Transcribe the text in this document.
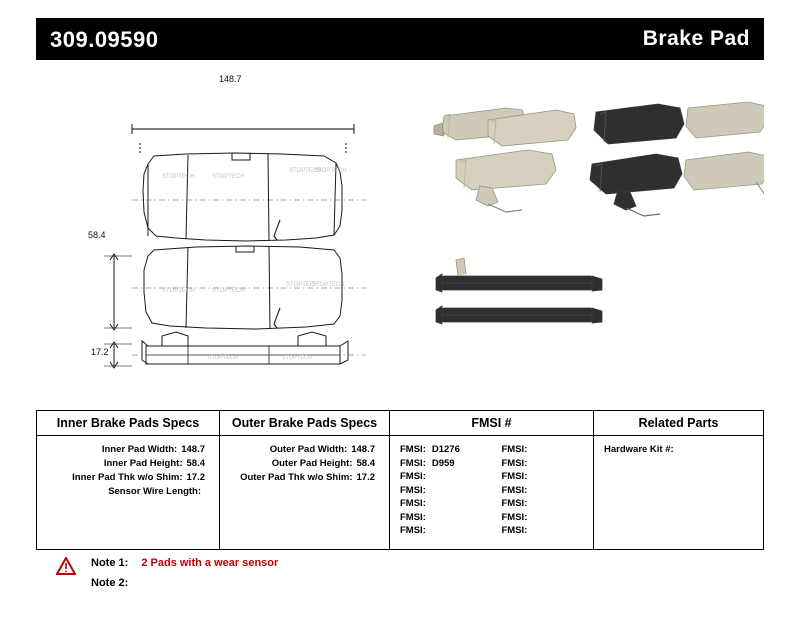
309.09590	Brake Pad
148.7
58.4
17.2
STOPTECH	STOPTECH
STOPTECH
STOPTECH
STOPTECH	STOPTECH
STOPTECH
STOPTECH
STOPTECH	STOPTECH
Inner Brake Pads Specs
Inner Pad Width: 148.7
Inner Pad Height: 58.4
Inner Pad Thk w/o Shim: 17.2
Sensor Wire Length:
Outer Brake Pads Specs
Outer Pad Width: 148.7
Outer Pad Height: 58.4
Outer Pad Thk w/o Shim: 17.2
FMSI #
FMSI: D1276
FMSI: D959
FMSI:
FMSI:
FMSI:
FMSI:
FMSI:
FMSI:
FMSI:
FMSI:
FMSI:
FMSI:
FMSI:
FMSI:
Related Parts
Hardware Kit #:
Note 1: 2 Pads with a wear sensor
Note 2:
